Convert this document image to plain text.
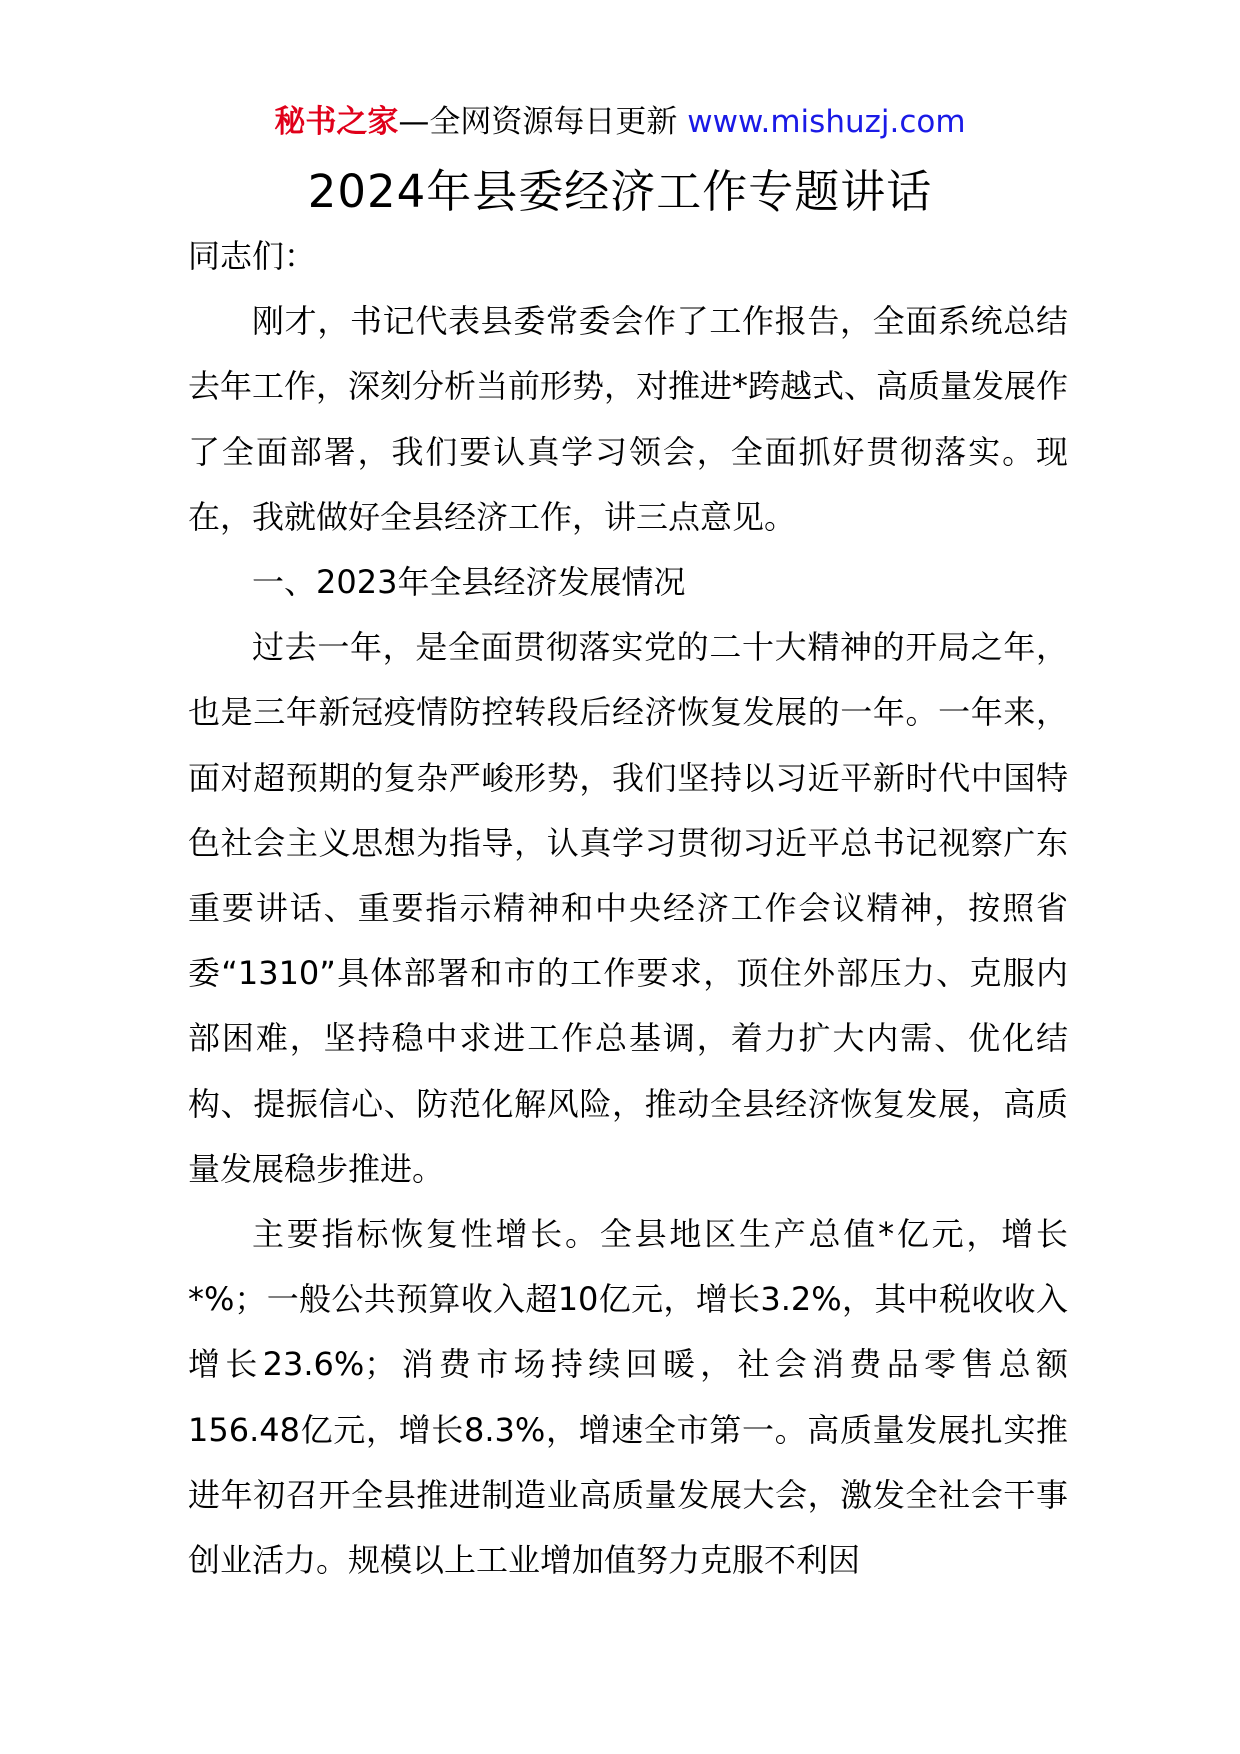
秘书之家—全网资源每日更新 www.mishuzj.com
2024年县委经济工作专题讲话

同志们：

刚才，书记代表县委常委会作了工作报告，全面系统总结去年工作，深刻分析当前形势，对推进*跨越式、高质量发展作了全面部署，我们要认真学习领会，全面抓好贯彻落实。现在，我就做好全县经济工作，讲三点意见。

一、2023年全县经济发展情况

过去一年，是全面贯彻落实党的二十大精神的开局之年，也是三年新冠疫情防控转段后经济恢复发展的一年。一年来，面对超预期的复杂严峻形势，我们坚持以习近平新时代中国特色社会主义思想为指导，认真学习贯彻习近平总书记视察广东重要讲话、重要指示精神和中央经济工作会议精神，按照省委“1310”具体部署和市的工作要求，顶住外部压力、克服内部困难，坚持稳中求进工作总基调，着力扩大内需、优化结构、提振信心、防范化解风险，推动全县经济恢复发展，高质量发展稳步推进。

主要指标恢复性增长。全县地区生产总值*亿元，增长*%；一般公共预算收入超10亿元，增长3.2%，其中税收收入增长23.6%；消费市场持续回暖，社会消费品零售总额156.48亿元，增长8.3%，增速全市第一。高质量发展扎实推进年初召开全县推进制造业高质量发展大会，激发全社会干事创业活力。规模以上工业增加值努力克服不利因
